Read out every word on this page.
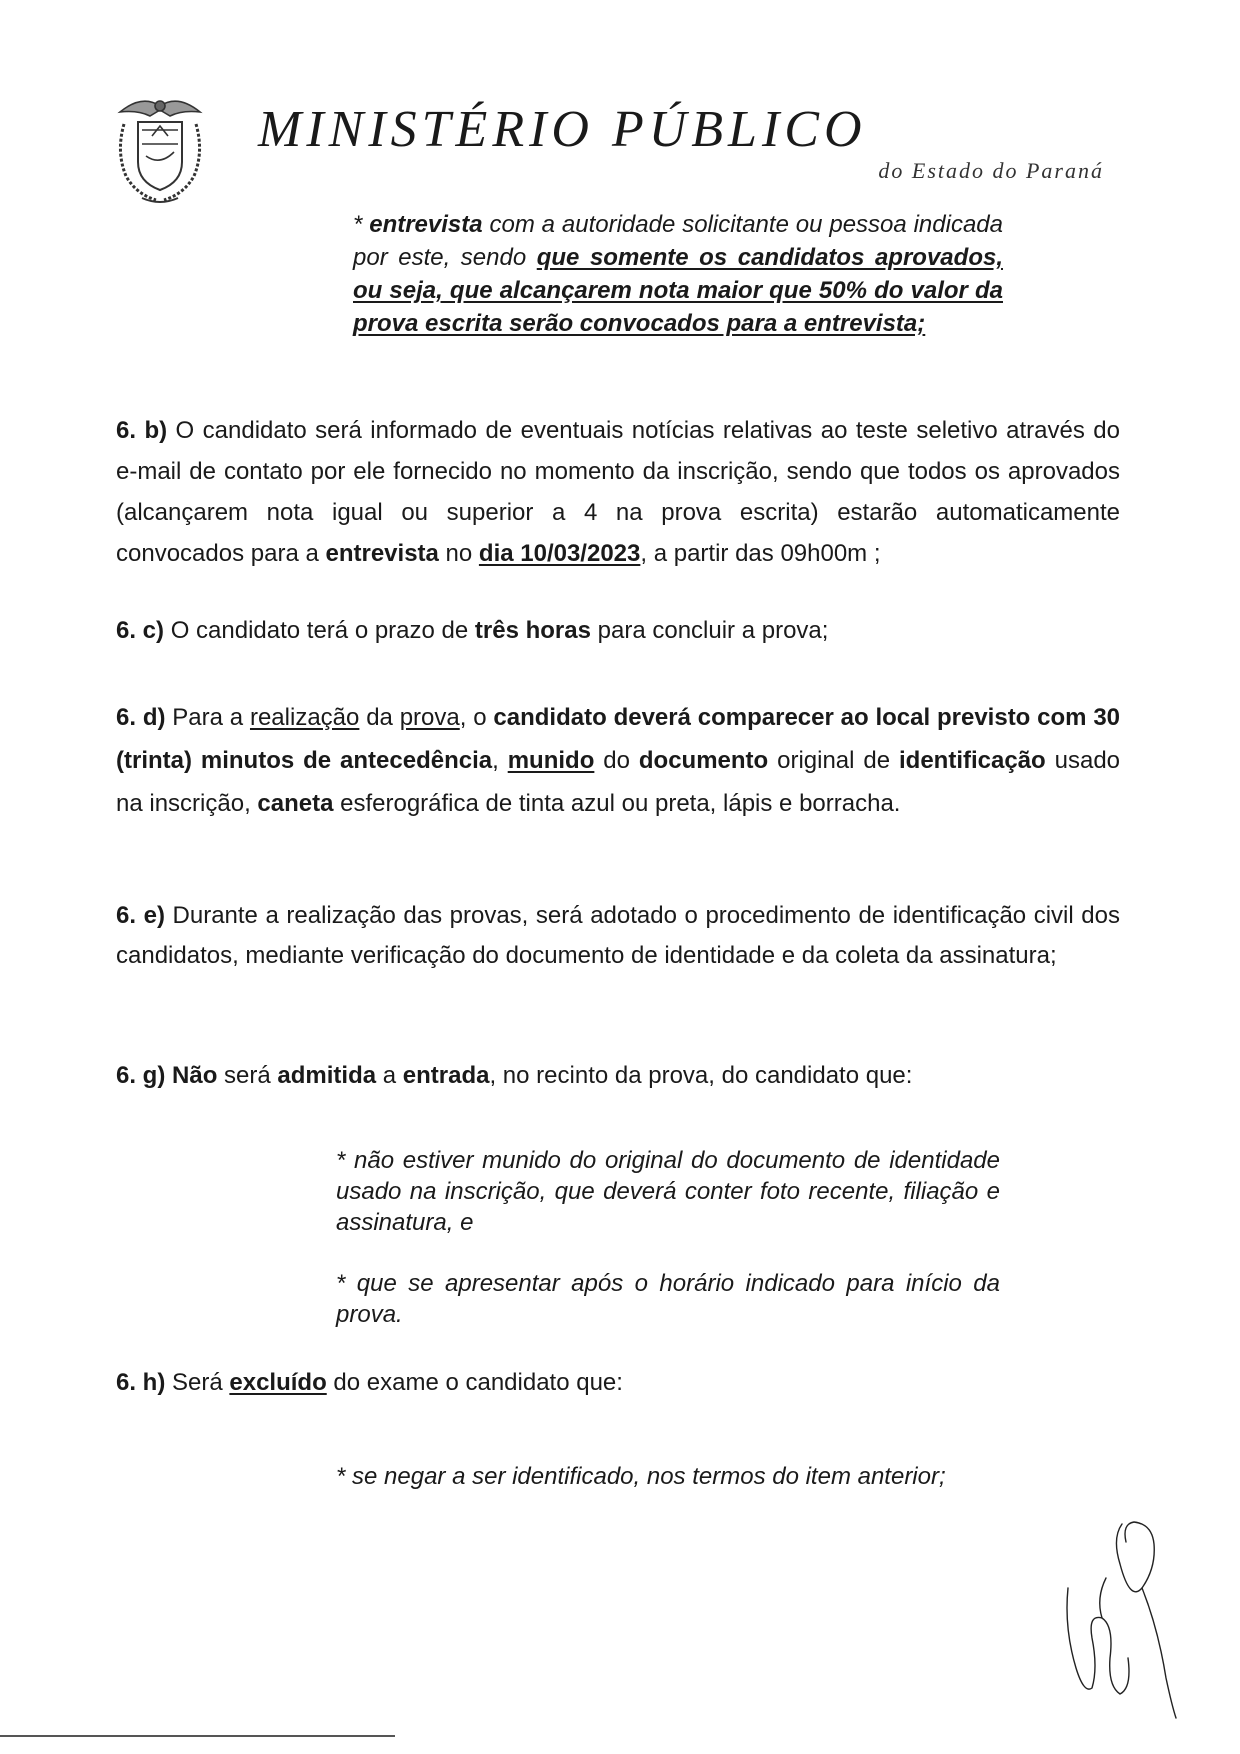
MINISTÉRIO PÚBLICO
do Estado do Paraná
* entrevista com a autoridade solicitante ou pessoa indicada por este, sendo que somente os candidatos aprovados, ou seja, que alcançarem nota maior que 50% do valor da prova escrita serão convocados para a entrevista;
6. b) O candidato será informado de eventuais notícias relativas ao teste seletivo através do e-mail de contato por ele fornecido no momento da inscrição, sendo que todos os aprovados (alcançarem nota igual ou superior a 4 na prova escrita) estarão automaticamente convocados para a entrevista no dia 10/03/2023, a partir das 09h00m ;
6. c) O candidato terá o prazo de três horas para concluir a prova;
6. d) Para a realização da prova, o candidato deverá comparecer ao local previsto com 30 (trinta) minutos de antecedência, munido do documento original de identificação usado na inscrição, caneta esferográfica de tinta azul ou preta, lápis e borracha.
6. e) Durante a realização das provas, será adotado o procedimento de identificação civil dos candidatos, mediante verificação do documento de identidade e da coleta da assinatura;
6. g) Não será admitida a entrada, no recinto da prova, do candidato que:
* não estiver munido do original do documento de identidade usado na inscrição, que deverá conter foto recente, filiação e assinatura, e
* que se apresentar após o horário indicado para início da prova.
6. h) Será excluído do exame o candidato que:
* se negar a ser identificado, nos termos do item anterior;
